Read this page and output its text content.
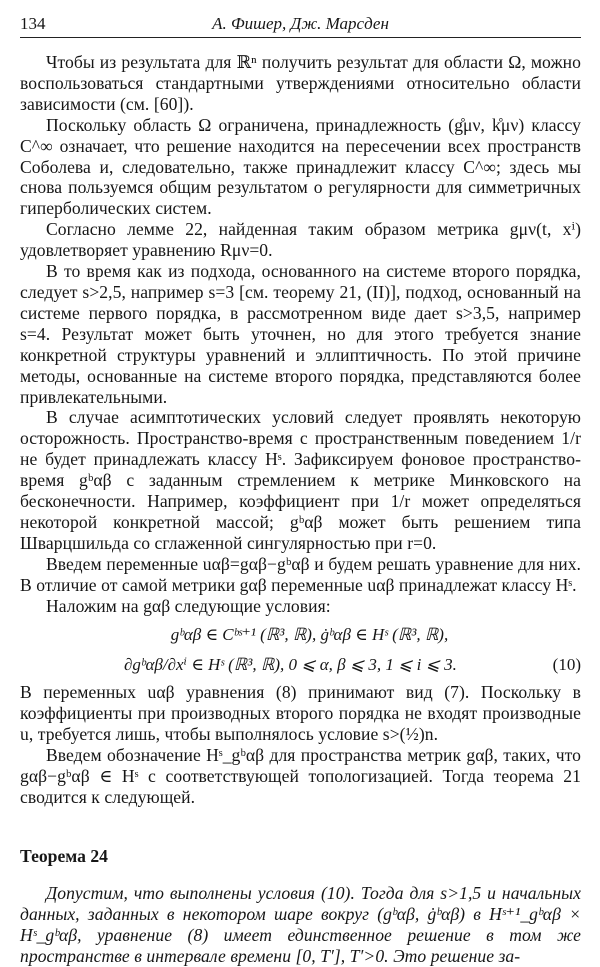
134	А. Фишер, Дж. Марсден

Чтобы из результата для ℝⁿ получить результат для области Ω, можно воспользоваться стандартными утверждениями относительно области зависимости (см. [60]).

Поскольку область Ω ограничена, принадлежность (g̊μν, k̊μν) классу C^∞ означает, что решение находится на пересечении всех пространств Соболева и, следовательно, также принадлежит классу C^∞; здесь мы снова пользуемся общим результатом о регулярности для симметричных гиперболических систем.

Согласно лемме 22, найденная таким образом метрика gμν(t, xⁱ) удовлетворяет уравнению Rμν=0.

В то время как из подхода, основанного на системе второго порядка, следует s>2,5, например s=3 [см. теорему 21, (II)], подход, основанный на системе первого порядка, в рассмотренном виде дает s>3,5, например s=4. Результат может быть уточнен, но для этого требуется знание конкретной структуры уравнений и эллиптичность. По этой причине методы, основанные на системе второго порядка, представляются более привлекательными.

В случае асимптотических условий следует проявлять некоторую осторожность. Пространство-время с пространственным поведением 1/r не будет принадлежать классу Hˢ. Зафиксируем фоновое пространство-время gᵇαβ с заданным стремлением к метрике Минковского на бесконечности. Например, коэффициент при 1/r может определяться некоторой конкретной массой; gᵇαβ может быть решением типа Шварцшильда со сглаженной сингулярностью при r=0.

Введем переменные uαβ=gαβ−gᵇαβ и будем решать уравнение для них. В отличие от самой метрики gαβ переменные uαβ принадлежат классу Hˢ.

Наложим на gαβ следующие условия:

gᵇαβ ∈ Cᵇˢ⁺¹ (ℝ³, ℝ), ġᵇαβ ∈ Hˢ (ℝ³, ℝ),
∂gᵇαβ/∂xⁱ ∈ Hˢ (ℝ³, ℝ), 0 ⩽ α, β ⩽ 3, 1 ⩽ i ⩽ 3.	(10)

В переменных uαβ уравнения (8) принимают вид (7). Поскольку в коэффициенты при производных второго порядка не входят производные u, требуется лишь, чтобы выполнялось условие s>(½)n.

Введем обозначение Hˢ_gᵇαβ для пространства метрик gαβ, таких, что gαβ−gᵇαβ ∈ Hˢ с соответствующей топологизацией. Тогда теорема 21 сводится к следующей.

Теорема 24

Допустим, что выполнены условия (10). Тогда для s>1,5 и начальных данных, заданных в некотором шаре вокруг (gᵇαβ, ġᵇαβ) в Hˢ⁺¹_gᵇαβ × Hˢ_gᵇαβ, уравнение (8) имеет единственное решение в том же пространстве в интервале времени [0, T′], T′>0. Это решение за-
